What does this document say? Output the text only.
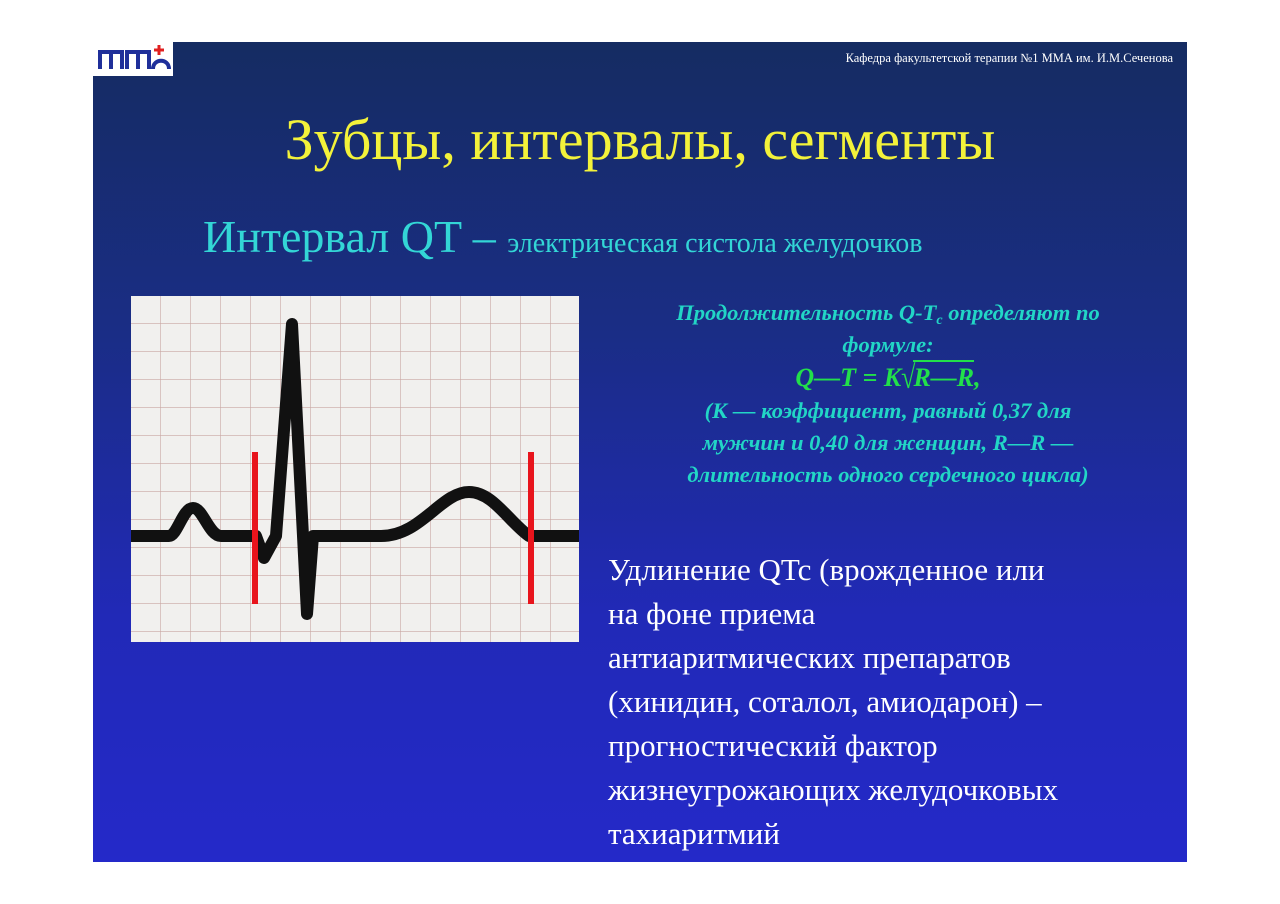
Кафедра факультетской терапии №1 ММА им. И.М.Сеченова
Зубцы, интервалы, сегменты
Интервал QT – электрическая систола желудочков
Продолжительность $Q-T_c$ определяют по
формуле:
Q—T = K√R—R,
(К — коэффициент, равный 0,37 для
мужчин и 0,40 для женщин, R—R —
длительность одного сердечного цикла)
Удлинение QTc (врожденное или
на фоне приема
антиаритмических препаратов
(хинидин, соталол, амиодарон) –
прогностический фактор
жизнеугрожающих желудочковых
тахиаритмий
